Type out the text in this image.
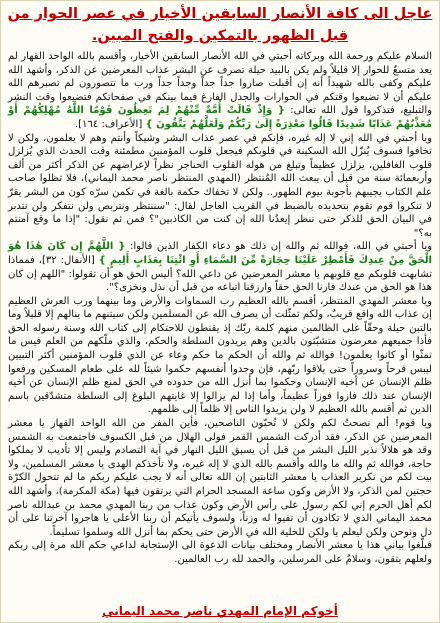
عاجل الى كافة الأنصار السابقين الأخيار في عصر الحوار من قبل الظهور بالتمكين والفتح المبين.

السلام عليكم ورحمة الله وبركاته أحبتي في الله الأنصار السابقين الأخيار، وأقسم بالله الواحد القهار لم يعد متسعٌ للحوار إلا قليلاً ولم يكن بالبيد حيلة تصرف عن البشر عذاب المعرضين عن الذكر، وأشهد الله عليكم وكفى بالله شهيداً أنه إن أقبلت صاروا جداً جداً وجداً جداً ورب ما تتصورون لم تصبرهم الله عليكم أن لا تضيعوا وقتكم في الحوارات والجدل الفارغ فيما بينكم في صفحاتكم فتضيعوا وقت النشر والتبليغ، فتذكروا قول الله تعالى: { وَإِذْ قَالَتْ أُمَّةٌ مِّنْهُمْ لِمَ تَعِظُونَ قَوْمًا اللَّهُ مُهْلِكُهُمْ أَوْ مُعَذِّبُهُمْ عَذَابًا شَدِيدًا قَالُوا مَعْذِرَةً إِلَىٰ رَبِّكُمْ وَلَعَلَّهُمْ يَتَّقُونَ } [الأعراف: ١٦٤].

ويا أحبتي في الله إني لا إله غيره، فإنكم في عصر عذاب البشر وشيكاً وأنتم وهم لا يعلمون، ولكن لا تخافوا فسوف يُنزّل الله السكينة في قلوبكم فيجعل قلوب المؤمنين مطمئنة وقت الحدث الذي يُزلزل قلوب الغافلين، يزلزل عظيماً وتبلغ من هوله القلوب الحناجر نظراً لإعراضهم عن الذكر أكثر من ألف وأربعمائة سنة من قبل أن يبعث الله المُنتظر (المهدي المنتظر ناصر محمد اليماني)، فلا تظلوا صاحب علم الكتاب يجيبهم بأجوبة بيوم الطهور.. ولكن لا تخفاك حكمة بالغة في تكمن سرّه كون من البشر يقرّ لا تنكروا قوم تقوم بتحديده بالضبط في القريب العاجل لقال: "سننتظر ونتربص ولن نتفكر ولن نتدبر في البيان الحق للذكر حتى ننظر إيعدُنا الله إن كنت من الكاذبين"؟ فمن ثم نقول: "إذا ما وقع آمنتم به؟"

ويا أحبتي في الله، فوالله ثم والله إن ذلك هو دعاء الكفار الذين قالوا: { اللَّهُمَّ إِن كَانَ هَٰذَا هُوَ الْحَقَّ مِنْ عِندِكَ فَأَمْطِرْ عَلَيْنَا حِجَارَةً مِّنَ السَّمَاءِ أَوِ ائْتِنَا بِعَذَابٍ أَلِيمٍ } [الأنفال: ٣٢]، فمماذا تشابهت قلوبكم مع قلوبهم يا معشر المعرضين عن داعي الله؟ أليس الحق هو أن تقولوا: "اللهم إن كان هذا هو الحق من عندك فارنا الحق حقاً وارزقنا اتباعه من قبل أن نذل ونخزى؟".

ويا معشر المهدي المنتظر، أقسم بالله العظيم رب السماوات والأرض وما بينهما ورب العرش العظيم إن عذاب الله واقع قريبٌ، ولكم تمثّلت أن يصرف الله عن المسلمين ولكن سيتنهم ما ينالهم إلا قليلاً وما بالتبن حيلة وحقّاً على الظالمين منهم كلمة ربّك إذ يقنطون للاحتكام إلى كتاب الله وسنة رسوله الحق فأذا جميعهم معرضون متشبّثون بالدين وهم يريدون السلطة والحكم، والذي ملّكهم من العلم فيس ما تمثّوا أو كانوا يعلمون! فوالله ثم والله أن الحكم ما حكم وعاء عن الذي قلوب المؤمنين أكثر التبيين ليبس فرحاً وسروراً حتى يلاقوا ربّهم، فإن وجدوا أنفسهم حكموا شيئاً لله على طعام المسكين ورفعوا ظلم الإنسان عن أخيه الإنسان وحكموا بما أنزل الله من حدوده في الحق لمنع ظلم الإنسان عن أخيه الإنسان عند ذلك فازوا فوزاً عظيماً، وأما إذا لم يزالوا إلا غايتهم البلوغ إلى السلطة متشدّقين باسم الدين ثم أقسم بالله العظيم لا ولن يزيدوا الناس إلا ظلماً إلى ظلمهم.

ويا قوم! ألم نصحتُ لكم ولكن لا تُحبّون الناصحين، فأين المفر من الله الواحد القهار يا معشر المعرضين عن الذكر، فقد أدركت الشمس القمر فولى الهلال من قبل الكسوف فاجتمعت به الشمس وقد هو هلالاً نذير الليل البشر من قبل أن يسبق الليل النهار في آية التصادم وليس إلا تأديب لا يملكوا حاجة، فوالله ثم والله ما والله وأقسم بالله الذي لا إله غيره، ولا تأخذكم الهدى يا معشر المسلمين، ولا بيت لكم من تكرير العذاب يا معشر الثابتين إن الله تعالى أنه لا يجب عليكم ربكم ما لم تتحول الكرّة حجتين لمن الذكر، ولا الأرض وكون ساعة المسجد الحرام التي يرتقون فيها (مكة المكرمة)، وأشهد الله لكم أهل الحرم إني لكم رسول على رأس الأرض وكون عذاب من ربنا المهدي محمد بن عبدالله ناصر محمد اليماني الذي لا تكادون أن تفيوا له وزناً، ولسوف يأتيكم أن ربنا الأعلى يا هاجروا آخرتنا على أن دل ونوحن ولكن ليعلم يا ولكن للخلية الله في الأرض حتى يحكم بما أنزل الله وسلموا تسليماً.

فبلّغوا بياني هذا يا معشر الأنصار ومختلف بيانات الدعوة الى الإستجابة لداعي حكم الله مرة إلى ربكم ولعلهم يتقون، وسلامٌ على المرسلين، والحمد لله رب العالمين.

أخوكم الإمام المهدي ناصر محمد اليماني
